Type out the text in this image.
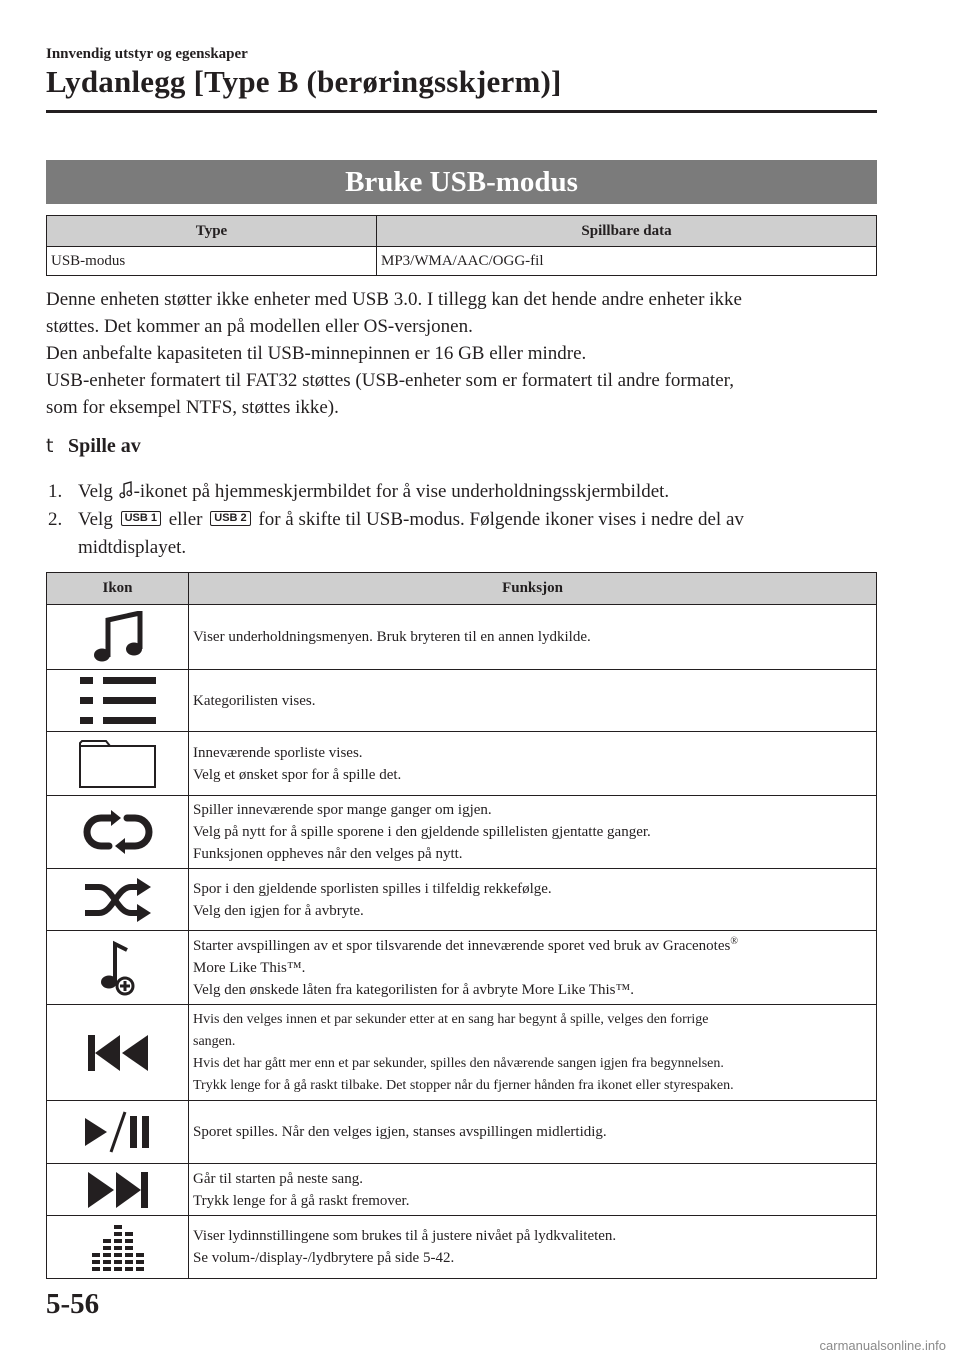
Innvendig utstyr og egenskaper
Lydanlegg [Type B (berøringsskjerm)]
Bruke USB-modus
Type	Spillbare data
USB-modus	MP3/WMA/AAC/OGG-fil

Denne enheten støtter ikke enheter med USB 3.0. I tillegg kan det hende andre enheter ikke

støttes. Det kommer an på modellen eller OS-versjonen.

Den anbefalte kapasiteten til USB-minnepinnen er 16 GB eller mindre.

USB-enheter formatert til FAT32 støttes (USB-enheter som er formatert til andre formater,

som for eksempel NTFS, støttes ikke).

t Spille av
1. Velg -ikonet på hjemmeskjermbildet for å vise underholdningsskjermbildet.
2. Velg USB 1 eller USB 2 for å skifte til USB-modus. Følgende ikoner vises i nedre del av
midtdisplayet.
Ikon	Funksjon

Viser underholdningsmenyen. Bruk bryteren til en annen lydkilde.

Kategorilisten vises.

Inneværende sporliste vises.
Velg et ønsket spor for å spille det.

Spiller inneværende spor mange ganger om igjen.
Velg på nytt for å spille sporene i den gjeldende spillelisten gjentatte ganger.
Funksjonen oppheves når den velges på nytt.

Spor i den gjeldende sporlisten spilles i tilfeldig rekkefølge.
Velg den igjen for å avbryte.

Starter avspillingen av et spor tilsvarende det inneværende sporet ved bruk av Gracenotes®
More Like This™.
Velg den ønskede låten fra kategorilisten for å avbryte More Like This™.

Hvis den velges innen et par sekunder etter at en sang har begynt å spille, velges den forrige
sangen.
Hvis det har gått mer enn et par sekunder, spilles den nåværende sangen igjen fra begynnelsen.
Trykk lenge for å gå raskt tilbake. Det stopper når du fjerner hånden fra ikonet eller styrespaken.

Sporet spilles. Når den velges igjen, stanses avspillingen midlertidig.

Går til starten på neste sang.
Trykk lenge for å gå raskt fremover.

Viser lydinnstillingene som brukes til å justere nivået på lydkvaliteten.
Se volum-/display-/lydbrytere på side 5-42.
5-56
carmanualsonline.info
